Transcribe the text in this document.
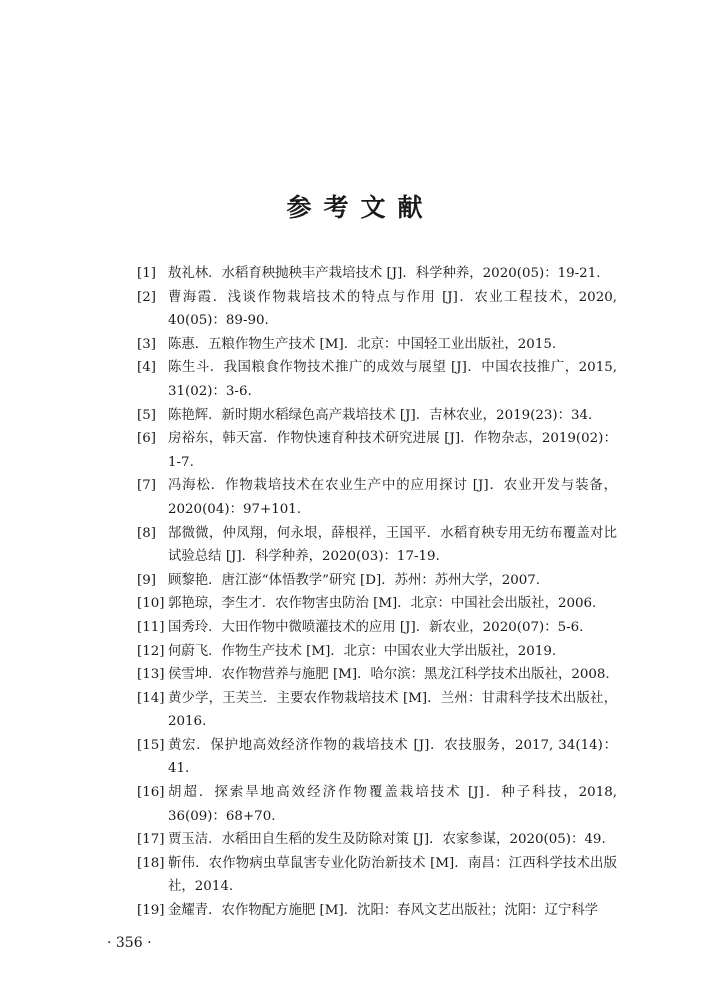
参考文献
[1] 敖礼林．水稻育秧抛秧丰产栽培技术 [J]．科学种养，2020(05)：19-21.
[2] 曹海霞．浅谈作物栽培技术的特点与作用 [J]．农业工程技术，2020, 40(05)：89-90.
[3] 陈惠．五粮作物生产技术 [M]．北京：中国轻工业出版社，2015.
[4] 陈生斗．我国粮食作物技术推广的成效与展望 [J]．中国农技推广，2015, 31(02)：3-6.
[5] 陈艳辉．新时期水稻绿色高产栽培技术 [J]．吉林农业，2019(23)：34.
[6] 房裕东，韩天富．作物快速育种技术研究进展 [J]．作物杂志，2019(02)：1-7.
[7] 冯海松．作物栽培技术在农业生产中的应用探讨 [J]．农业开发与装备，2020(04)：97+101.
[8] 郜微微，仲凤翔，何永垠，薛根祥，王国平．水稻育秧专用无纺布覆盖对比试验总结 [J]．科学种养，2020(03)：17-19.
[9] 顾黎艳．唐江澎“体悟教学”研究 [D]．苏州：苏州大学，2007.
[10] 郭艳琼，李生才．农作物害虫防治 [M]．北京：中国社会出版社，2006.
[11] 国秀玲．大田作物中微喷灌技术的应用 [J]．新农业，2020(07)：5-6.
[12] 何蔚飞．作物生产技术 [M]．北京：中国农业大学出版社，2019.
[13] 侯雪坤．农作物营养与施肥 [M]．哈尔滨：黑龙江科学技术出版社，2008.
[14] 黄少学，王芙兰．主要农作物栽培技术 [M]．兰州：甘肃科学技术出版社，2016.
[15] 黄宏．保护地高效经济作物的栽培技术 [J]．农技服务，2017, 34(14)：41.
[16] 胡超．探索旱地高效经济作物覆盖栽培技术 [J]．种子科技，2018, 36(09)：68+70.
[17] 贾玉洁．水稻田自生稻的发生及防除对策 [J]．农家参谋，2020(05)：49.
[18] 靳伟．农作物病虫草鼠害专业化防治新技术 [M]．南昌：江西科学技术出版社，2014.
[19] 金耀青．农作物配方施肥 [M]．沈阳：春风文艺出版社；沈阳：辽宁科学
· 356 ·
